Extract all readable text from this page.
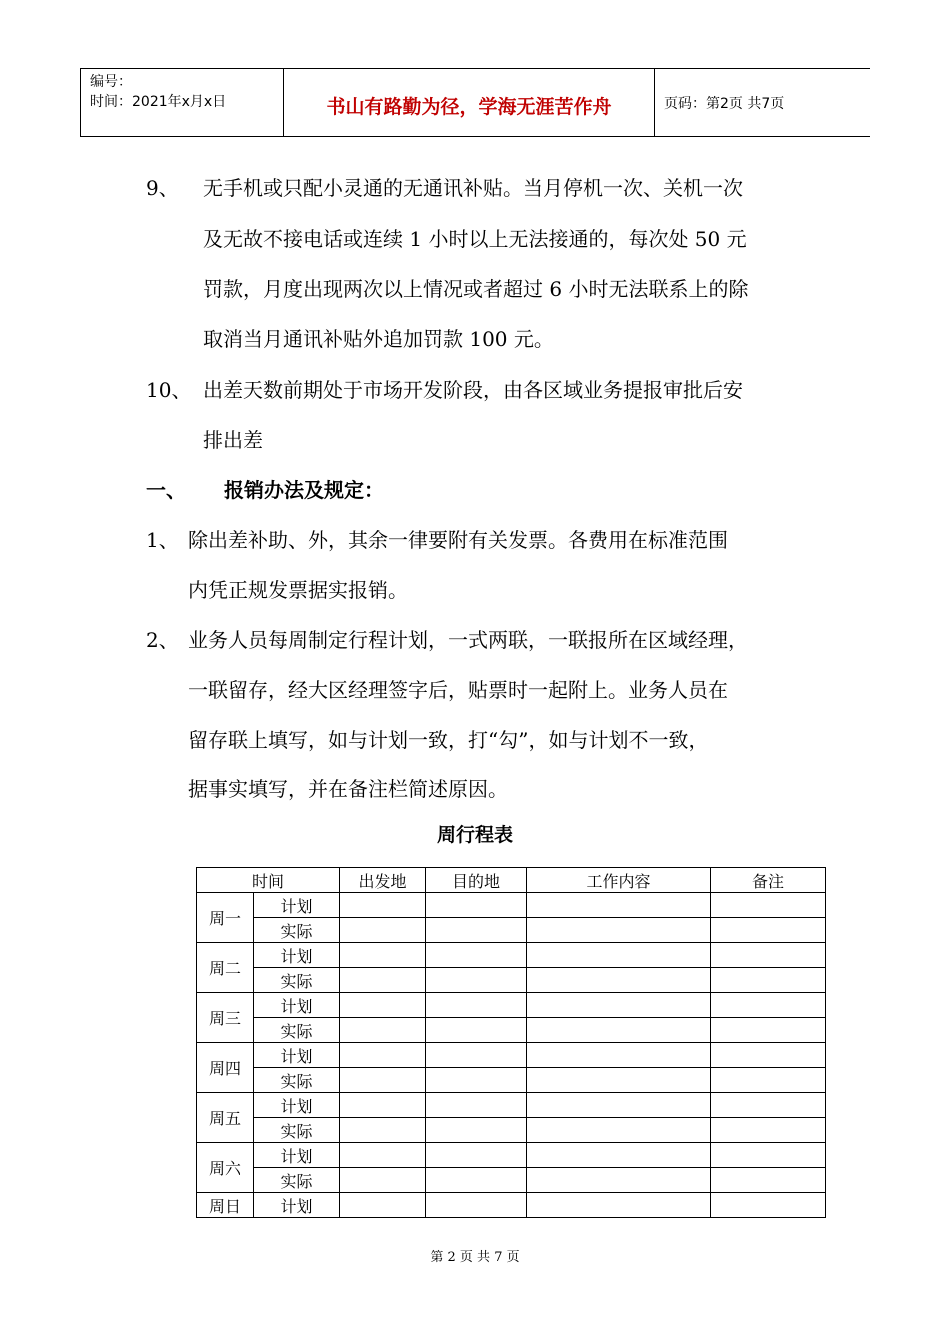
编号：
时间：2021年x月x日	书山有路勤为径，学海无涯苦作舟	页码：第2页 共7页
9、 无手机或只配小灵通的无通讯补贴。当月停机一次、关机一次
及无故不接电话或连续 1 小时以上无法接通的，每次处 50 元
罚款，月度出现两次以上情况或者超过 6 小时无法联系上的除
取消当月通讯补贴外追加罚款 100 元。
10、 出差天数前期处于市场开发阶段，由各区域业务提报审批后安
排出差
一、 报销办法及规定：
1、 除出差补助、外，其余一律要附有关发票。各费用在标准范围
内凭正规发票据实报销。
2、 业务人员每周制定行程计划，一式两联，一联报所在区域经理，
一联留存，经大区经理签字后，贴票时一起附上。业务人员在
留存联上填写，如与计划一致，打“勾”，如与计划不一致，
据事实填写，并在备注栏简述原因。
周行程表
时间		出发地	目的地	工作内容	备注
周一	计划				
	实际				
周二	计划				
	实际				
周三	计划				
	实际				
周四	计划				
	实际				
周五	计划				
	实际				
周六	计划				
	实际				
周日	计划				
第 2 页 共 7 页
